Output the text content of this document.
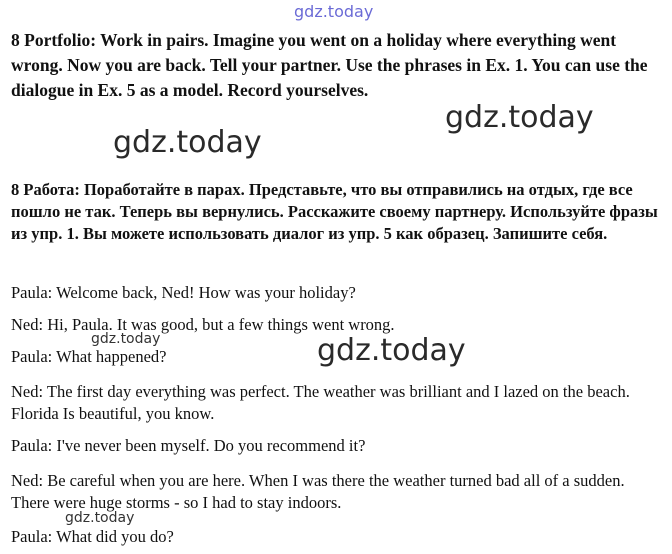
gdz.today
8 Portfolio: Work in pairs. Imagine you went on a holiday where everything went wrong. Now you are back. Tell your partner. Use the phrases in Ex. 1. You can use the dialogue in Ex. 5 as a model. Record yourselves.
gdz.today
gdz.today
8 Работа: Поработайте в парах. Представьте, что вы отправились на отдых, где все пошло не так. Теперь вы вернулись. Расскажите своему партнеру. Используйте фразы из упр. 1. Вы можете использовать диалог из упр. 5 как образец. Запишите себя.
Paula: Welcome back, Ned! How was your holiday?
Ned: Hi, Paula. It was good, but a few things went wrong.
gdz.today	gdz.today
Paula: What happened?
Ned: The first day everything was perfect. The weather was brilliant and I lazed on the beach. Florida Is beautiful, you know.
Paula: I've never been myself. Do you recommend it?
Ned: Be careful when you are here. When I was there the weather turned bad all of a sudden. There were huge storms - so I had to stay indoors.
gdz.today
Paula: What did you do?
